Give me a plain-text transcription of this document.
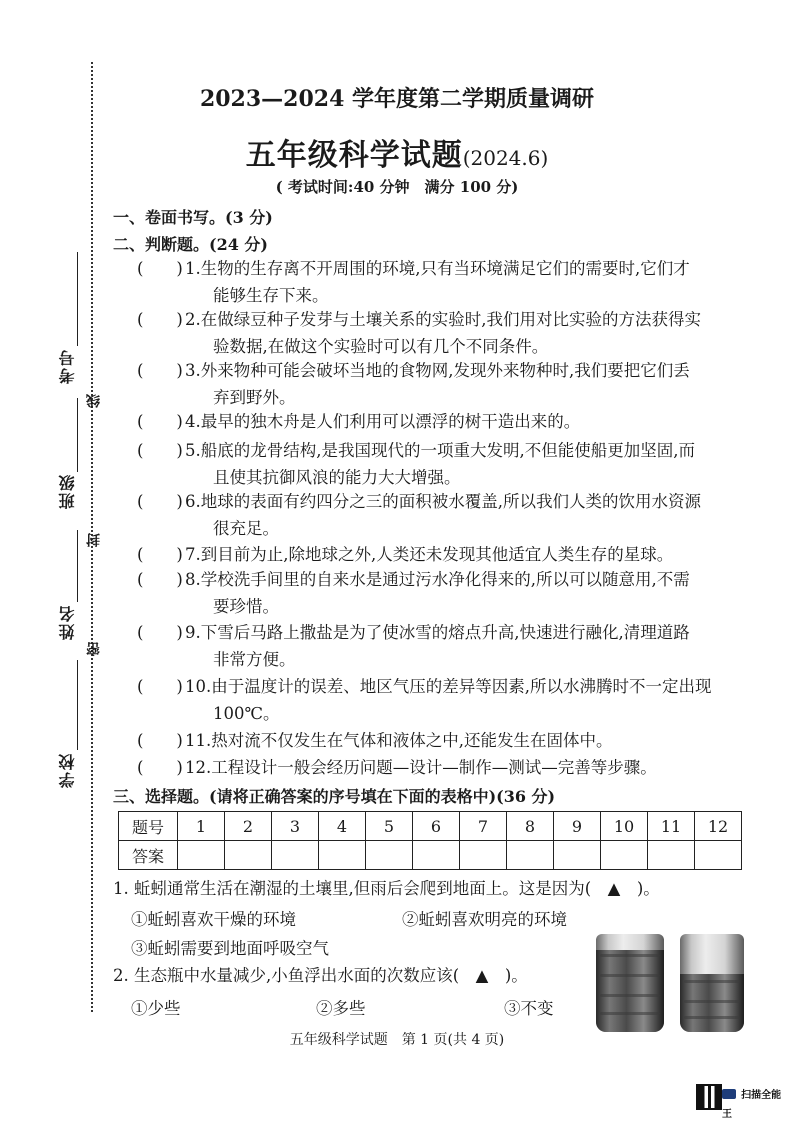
考号
班级
姓名
学校
线
封
密
2023—2024 学年度第二学期质量调研
五年级科学试题(2024.6)
( 考试时间:40 分钟　满分 100 分)
一、卷面书写。(3 分)
二、判断题。(24 分)
(　　) 1.生物的生存离不开周围的环境,只有当环境满足它们的需要时,它们才
能够生存下来。
(　　) 2.在做绿豆种子发芽与土壤关系的实验时,我们用对比实验的方法获得实
验数据,在做这个实验时可以有几个不同条件。
(　　) 3.外来物种可能会破坏当地的食物网,发现外来物种时,我们要把它们丢
弃到野外。
(　　) 4.最早的独木舟是人们利用可以漂浮的树干造出来的。
(　　) 5.船底的龙骨结构,是我国现代的一项重大发明,不但能使船更加坚固,而
且使其抗御风浪的能力大大增强。
(　　) 6.地球的表面有约四分之三的面积被水覆盖,所以我们人类的饮用水资源
很充足。
(　　) 7.到目前为止,除地球之外,人类还未发现其他适宜人类生存的星球。
(　　) 8.学校洗手间里的自来水是通过污水净化得来的,所以可以随意用,不需
要珍惜。
(　　) 9.下雪后马路上撒盐是为了使冰雪的熔点升高,快速进行融化,清理道路
非常方便。
(　　) 10.由于温度计的误差、地区气压的差异等因素,所以水沸腾时不一定出现
100℃。
(　　) 11.热对流不仅发生在气体和液体之中,还能发生在固体中。
(　　) 12.工程设计一般会经历问题—设计—制作—测试—完善等步骤。
三、选择题。(请将正确答案的序号填在下面的表格中)(36 分)
题号	1	2	3	4	5	6	7	8	9	10	11	12
答案												
1. 蚯蚓通常生活在潮湿的土壤里,但雨后会爬到地面上。这是因为(　▲　)。
①蚯蚓喜欢干燥的环境	②蚯蚓喜欢明亮的环境
③蚯蚓需要到地面呼吸空气
2. 生态瓶中水量减少,小鱼浮出水面的次数应该(　▲　)。
①少些	②多些	③不变
五年级科学试题　第 1 页(共 4 页)
扫描全能王
